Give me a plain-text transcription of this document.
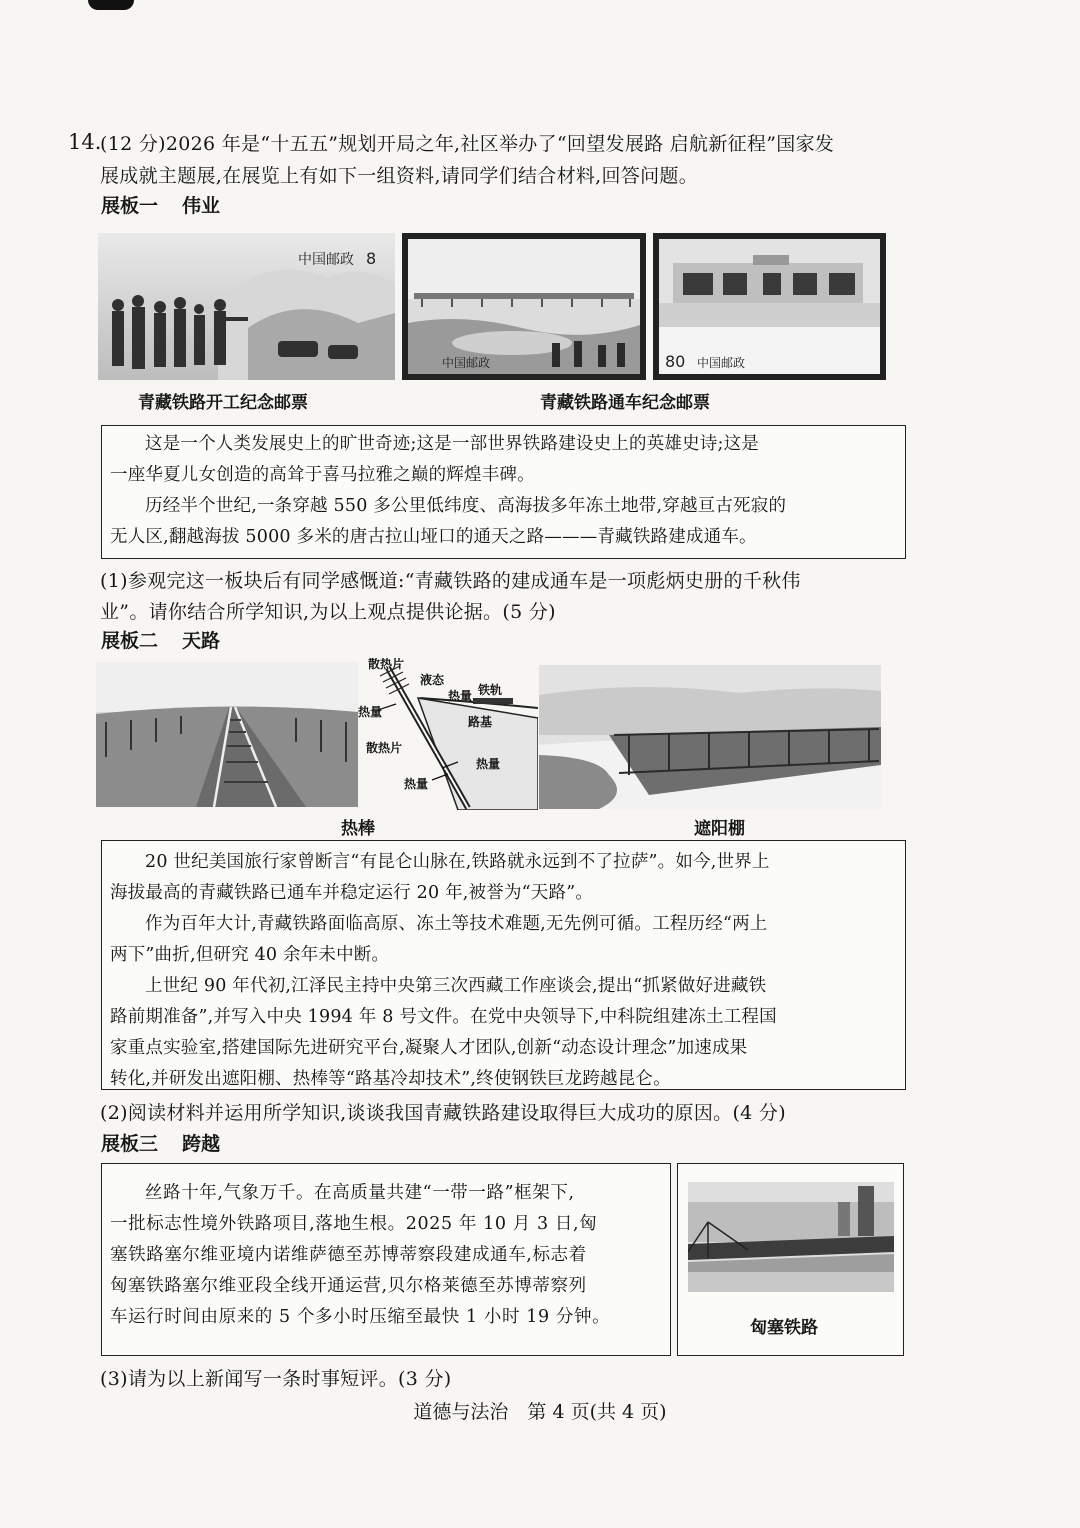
14.
(12 分)2026 年是“十五五”规划开局之年,社区举办了“回望发展路 启航新征程”国家发
展成就主题展,在展览上有如下一组资料,请同学们结合材料,回答问题。
展板一 伟业
中国邮政 8
中国邮政	80 中国邮政
青藏铁路开工纪念邮票	青藏铁路通车纪念邮票

这是一个人类发展史上的旷世奇迹;这是一部世界铁路建设史上的英雄史诗;这是

一座华夏儿女创造的高耸于喜马拉雅之巅的辉煌丰碑。

历经半个世纪,一条穿越 550 多公里低纬度、高海拔多年冻土地带,穿越亘古死寂的

无人区,翻越海拔 5000 多米的唐古拉山垭口的通天之路———青藏铁路建成通车。

(1)参观完这一板块后有同学感慨道:“青藏铁路的建成通车是一项彪炳史册的千秋伟
业”。请你结合所学知识,为以上观点提供论据。(5 分)
展板二 天路
散热片
液态
热量 铁轨
热量
路基
散热片
热量
热量
热棒	遮阳棚

20 世纪美国旅行家曾断言“有昆仑山脉在,铁路就永远到不了拉萨”。如今,世界上

海拔最高的青藏铁路已通车并稳定运行 20 年,被誉为“天路”。

作为百年大计,青藏铁路面临高原、冻土等技术难题,无先例可循。工程历经“两上

两下”曲折,但研究 40 余年未中断。

上世纪 90 年代初,江泽民主持中央第三次西藏工作座谈会,提出“抓紧做好进藏铁

路前期准备”,并写入中央 1994 年 8 号文件。在党中央领导下,中科院组建冻土工程国

家重点实验室,搭建国际先进研究平台,凝聚人才团队,创新“动态设计理念”加速成果

转化,并研发出遮阳棚、热棒等“路基冷却技术”,终使钢铁巨龙跨越昆仑。

(2)阅读材料并运用所学知识,谈谈我国青藏铁路建设取得巨大成功的原因。(4 分)
展板三 跨越

丝路十年,气象万千。在高质量共建“一带一路”框架下,

一批标志性境外铁路项目,落地生根。2025 年 10 月 3 日,匈

塞铁路塞尔维亚境内诺维萨德至苏博蒂察段建成通车,标志着

匈塞铁路塞尔维亚段全线开通运营,贝尔格莱德至苏博蒂察列

车运行时间由原来的 5 个多小时压缩至最快 1 小时 19 分钟。

匈塞铁路
(3)请为以上新闻写一条时事短评。(3 分)
道德与法治　第 4 页(共 4 页)
